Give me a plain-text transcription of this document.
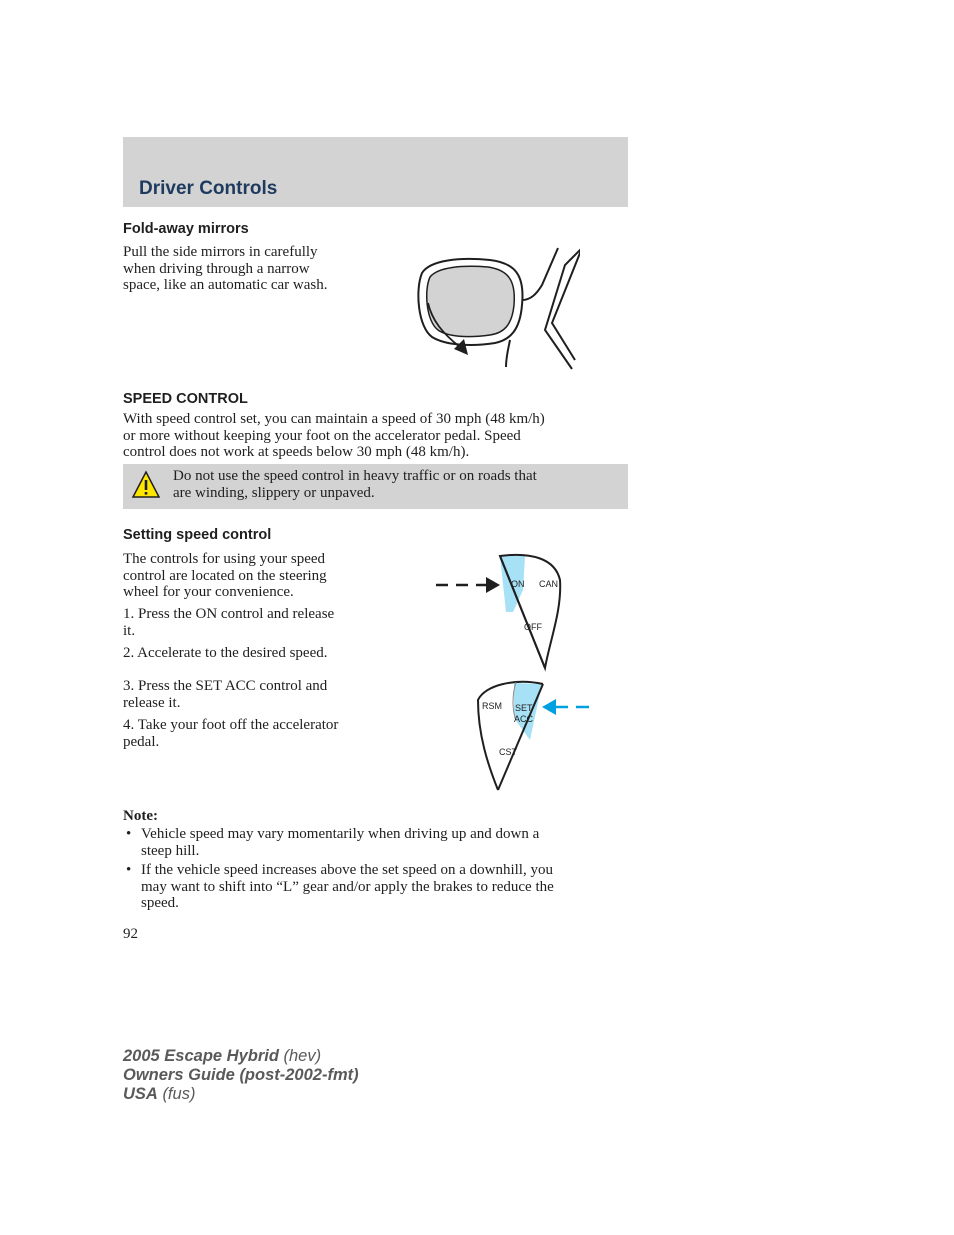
Driver Controls
Fold-away mirrors
Pull the side mirrors in carefully
when driving through a narrow
space, like an automatic car wash.
SPEED CONTROL
With speed control set, you can maintain a speed of 30 mph (48 km/h)
or more without keeping your foot on the accelerator pedal. Speed
control does not work at speeds below 30 mph (48 km/h).
Do not use the speed control in heavy traffic or on roads that
are winding, slippery or unpaved.
Setting speed control
The controls for using your speed
control are located on the steering
wheel for your convenience.
1. Press the ON control and release
it.
2. Accelerate to the desired speed.
3. Press the SET ACC control and
release it.
4. Take your foot off the accelerator
pedal.
ON CAN
OFF
RSM SET
ACC
CST
Note:
• Vehicle speed may vary momentarily when driving up and down a
steep hill.
• If the vehicle speed increases above the set speed on a downhill, you
may want to shift into “L” gear and/or apply the brakes to reduce the
speed.
92
2005 Escape Hybrid (hev)
Owners Guide (post-2002-fmt)
USA (fus)
